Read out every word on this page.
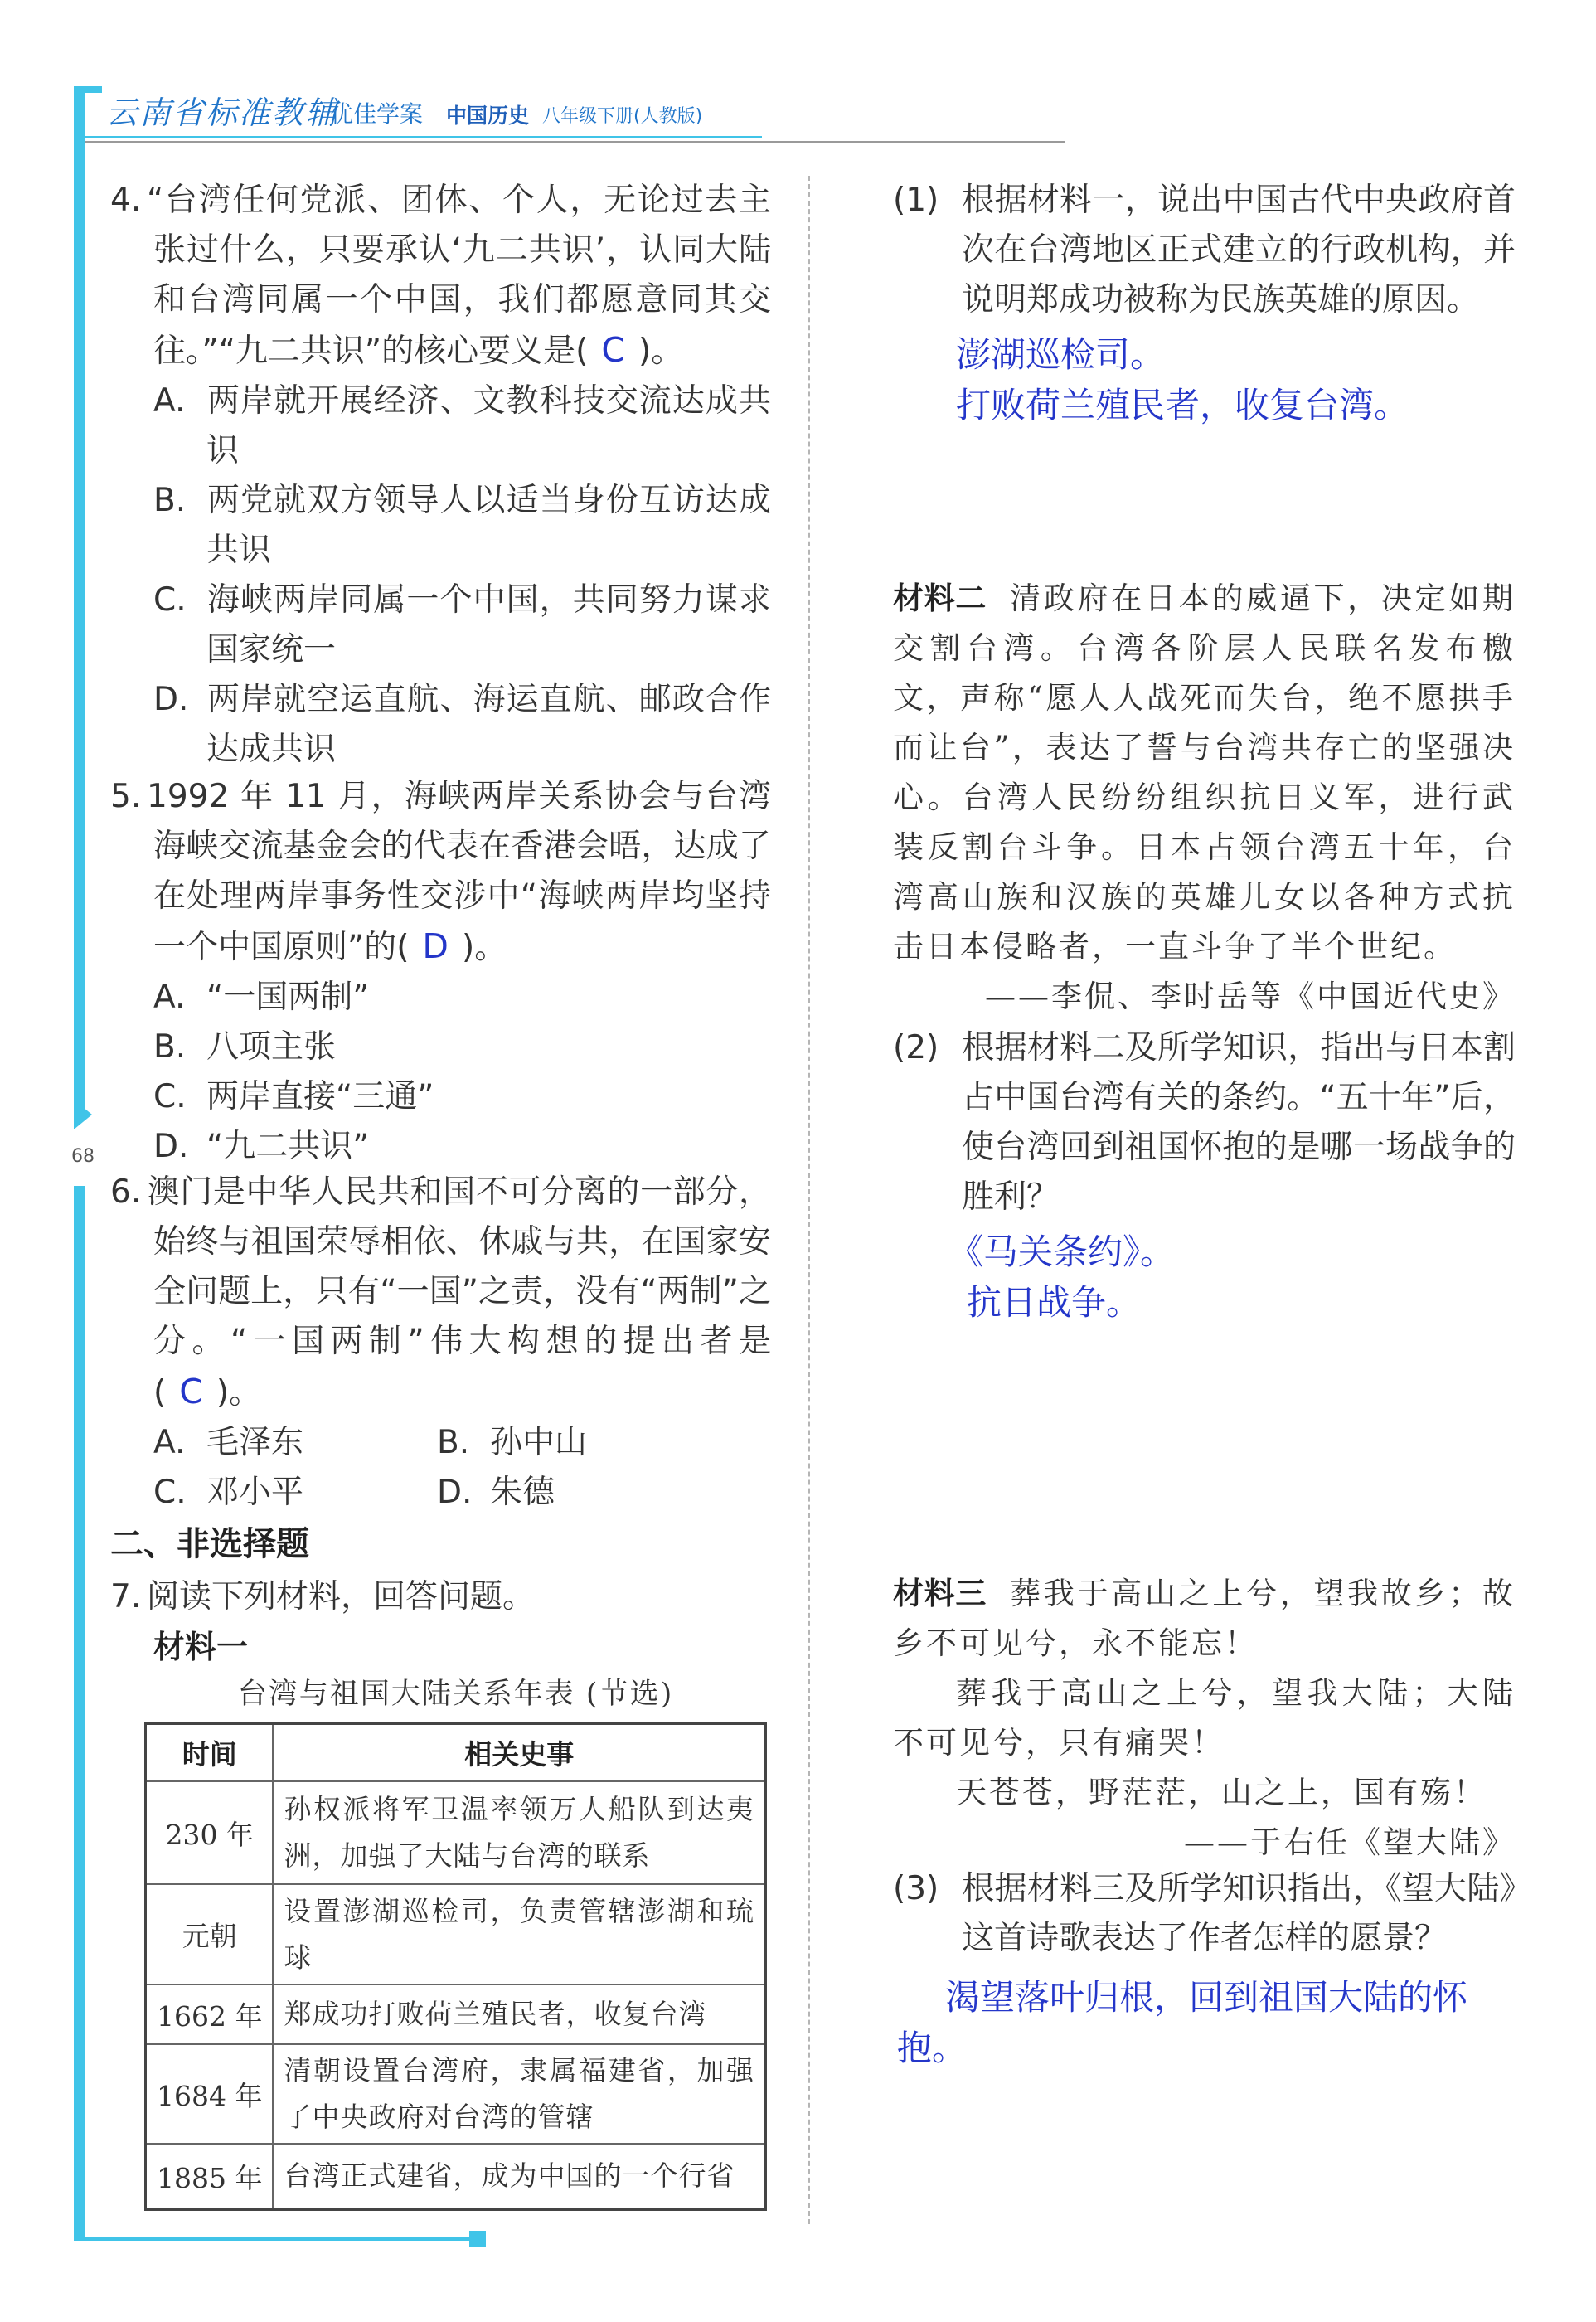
云南省标准教辅
优佳学案 中国历史 八年级下册(人教版)
68
4. “台湾任何党派、团体、个人，无论过去主张过什么，只要承认‘九二共识’，认同大陆和台湾同属一个中国，我们都愿意同其交往。”“九二共识”的核心要义是( C )。
A. 两岸就开展经济、文教科技交流达成共识
B. 两党就双方领导人以适当身份互访达成共识
C. 海峡两岸同属一个中国，共同努力谋求国家统一
D. 两岸就空运直航、海运直航、邮政合作达成共识
5. 1992 年 11 月，海峡两岸关系协会与台湾海峡交流基金会的代表在香港会晤，达成了在处理两岸事务性交涉中“海峡两岸均坚持一个中国原则”的( D )。
A. “一国两制”
B. 八项主张
C. 两岸直接“三通”
D. “九二共识”
6. 澳门是中华人民共和国不可分离的一部分，始终与祖国荣辱相依、休戚与共，在国家安全问题上，只有“一国”之责，没有“两制”之分。“一国两制”伟大构想的提出者是( C )。
A. 毛泽东	B. 孙中山
C. 邓小平	D. 朱德
二、非选择题
7. 阅读下列材料，回答问题。
材料一
台湾与祖国大陆关系年表 (节选)
时间	相关史事
230 年	孙权派将军卫温率领万人船队到达夷洲，加强了大陆与台湾的联系
元朝	设置澎湖巡检司，负责管辖澎湖和琉球
1662 年	郑成功打败荷兰殖民者，收复台湾
1684 年	清朝设置台湾府，隶属福建省，加强了中央政府对台湾的管辖
1885 年	台湾正式建省，成为中国的一个行省
(1) 根据材料一，说出中国古代中央政府首次在台湾地区正式建立的行政机构，并说明郑成功被称为民族英雄的原因。
澎湖巡检司。
打败荷兰殖民者，收复台湾。
材料二 清政府在日本的威逼下，决定如期交割台湾。台湾各阶层人民联名发布檄文，声称“愿人人战死而失台，绝不愿拱手而让台”，表达了誓与台湾共存亡的坚强决心。台湾人民纷纷组织抗日义军，进行武装反割台斗争。日本占领台湾五十年，台湾高山族和汉族的英雄儿女以各种方式抗击日本侵略者，一直斗争了半个世纪。
——李侃、李时岳等《中国近代史》
(2) 根据材料二及所学知识，指出与日本割占中国台湾有关的条约。“五十年”后，使台湾回到祖国怀抱的是哪一场战争的胜利？
《马关条约》。
抗日战争。
材料三 葬我于高山之上兮，望我故乡；故乡不可见兮，永不能忘！
葬我于高山之上兮，望我大陆；大陆不可见兮，只有痛哭！
天苍苍，野茫茫，山之上，国有殇！
——于右任《望大陆》
(3) 根据材料三及所学知识指出，《望大陆》这首诗歌表达了作者怎样的愿景？
渴望落叶归根，回到祖国大陆的怀抱。
